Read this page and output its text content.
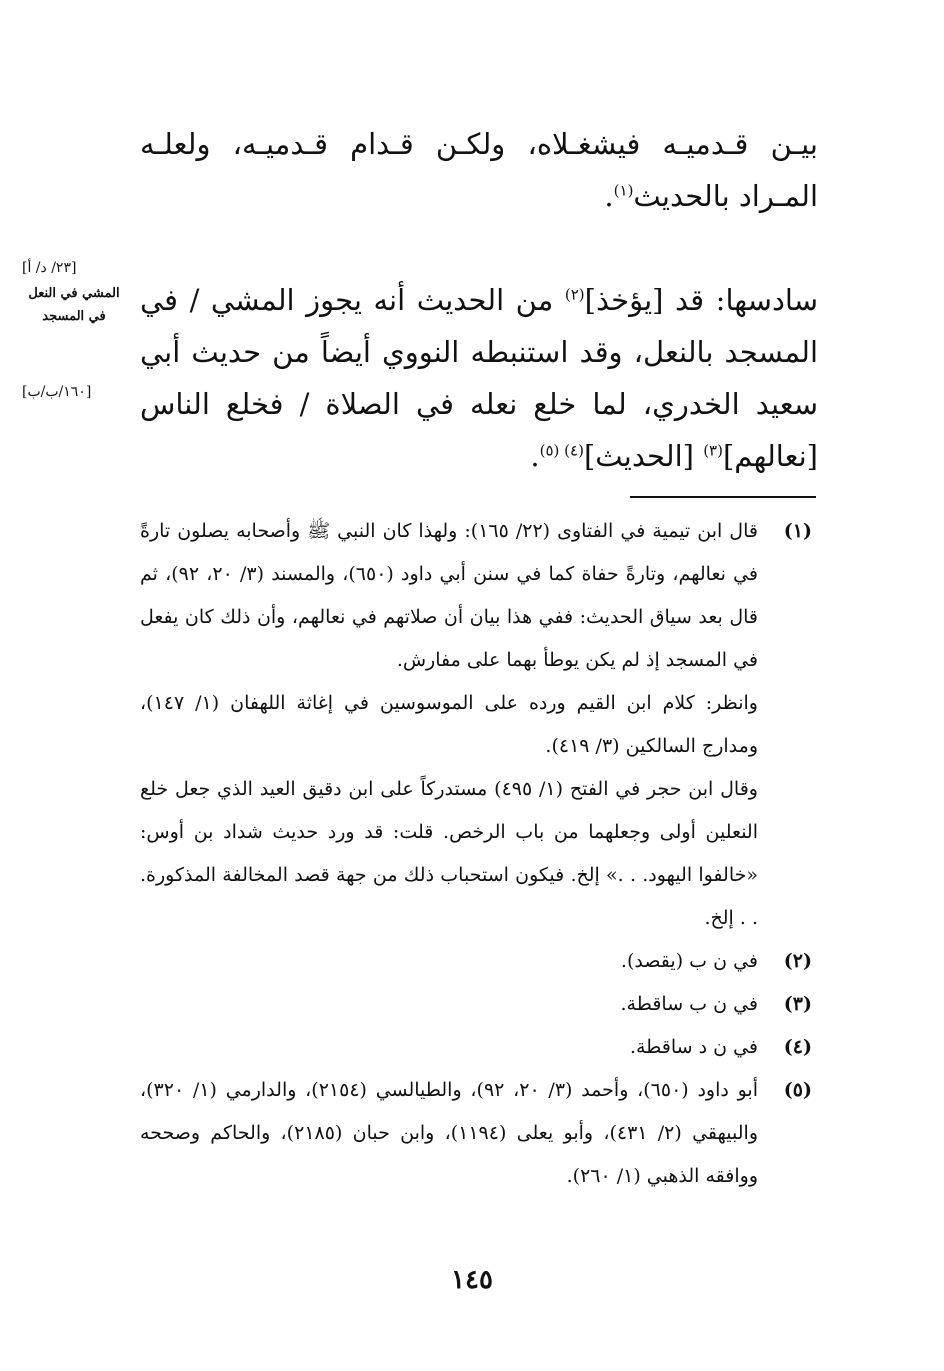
بيـن قـدميـه فيشغـلاه، ولكـن قـدام قـدميـه، ولعلـه المـراد بالحديث$^{(١)}$.
سادسها: قد [يؤخذ]$^{(٢)}$ من الحديث أنه يجوز المشي / في المسجد بالنعل، وقد استنبطه النووي أيضاً من حديث أبي سعيد الخدري، لما خلع نعله في الصلاة / فخلع الناس [نعالهم]$^{(٣)}$ [الحديث]$^{(٤) (٥)}$.
[٢٣/ د/ أ]
المشي في النعل في المسجد
[١٦٠/ب/ب]
(١)
قال ابن تيمية في الفتاوى (٢٢/ ١٦٥): ولهذا كان النبي ﷺ وأصحابه يصلون تارةً في نعالهم، وتارةً حفاة كما في سنن أبي داود (٦٥٠)، والمسند (٣/ ٢٠، ٩٢)، ثم قال بعد سياق الحديث: ففي هذا بيان أن صلاتهم في نعالهم، وأن ذلك كان يفعل في المسجد إذ لم يكن يوطأ بهما على مفارش.
وانظر: كلام ابن القيم ورده على الموسوسين في إغاثة اللهفان (١/ ١٤٧)، ومدارج السالكين (٣/ ٤١٩).
وقال ابن حجر في الفتح (١/ ٤٩٥) مستدركاً على ابن دقيق العيد الذي جعل خلع النعلين أولى وجعلهما من باب الرخص. قلت: قد ورد حديث شداد بن أوس: «خالفوا اليهود. . .» إلخ. فيكون استحباب ذلك من جهة قصد المخالفة المذكورة. . . إلخ.
(٢)
في ن ب (يقصد).
(٣)
في ن ب ساقطة.
(٤)
في ن د ساقطة.
(٥)
أبو داود (٦٥٠)، وأحمد (٣/ ٢٠، ٩٢)، والطيالسي (٢١٥٤)، والدارمي (١/ ٣٢٠)، والبيهقي (٢/ ٤٣١)، وأبو يعلى (١١٩٤)، وابن حبان (٢١٨٥)، والحاكم وصححه ووافقه الذهبي (١/ ٢٦٠).
١٤٥
